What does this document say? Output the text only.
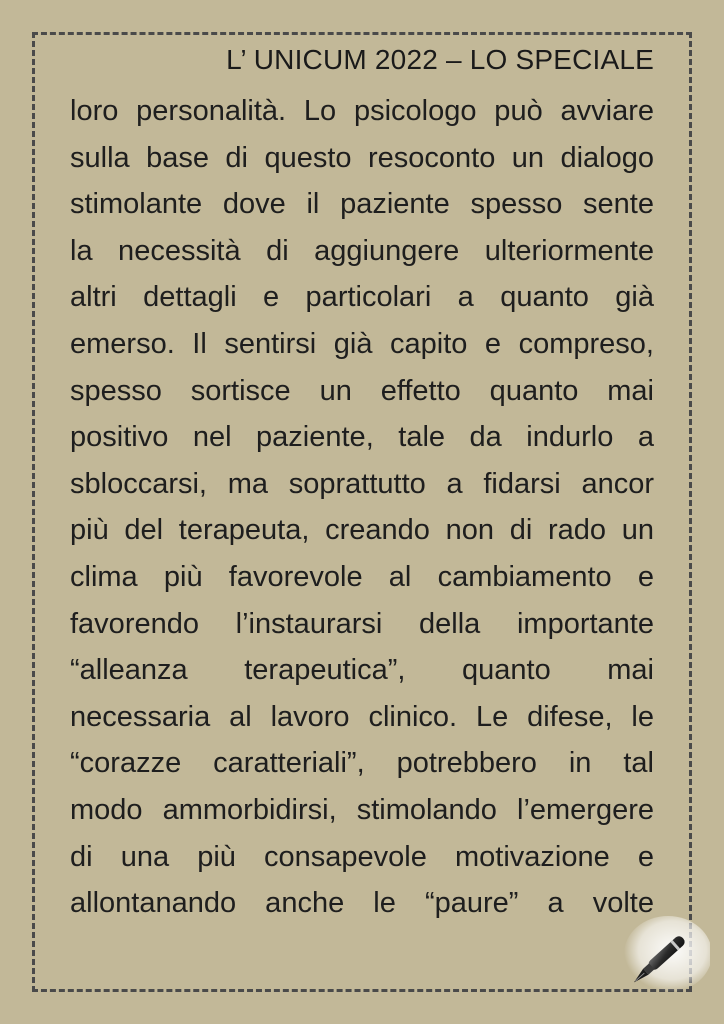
L’ UNICUM 2022 – LO SPECIALE
loro personalità. Lo psicologo può avviare
sulla base di questo resoconto un dialogo
stimolante dove il paziente spesso sente
la necessità di aggiungere ulteriormente
altri dettagli e particolari a quanto già
emerso. Il sentirsi già capito e compreso,
spesso sortisce un effetto quanto mai
positivo nel paziente, tale da indurlo a
sbloccarsi, ma soprattutto a fidarsi ancor
più del terapeuta, creando non di rado un
clima più favorevole al cambiamento e
favorendo l’instaurarsi della importante
“alleanza terapeutica”, quanto mai
necessaria al lavoro clinico. Le difese, le
“corazze caratteriali”, potrebbero in tal
modo ammorbidirsi, stimolando l’emergere
di una più consapevole motivazione e
allontanando anche le “paure” a volte
